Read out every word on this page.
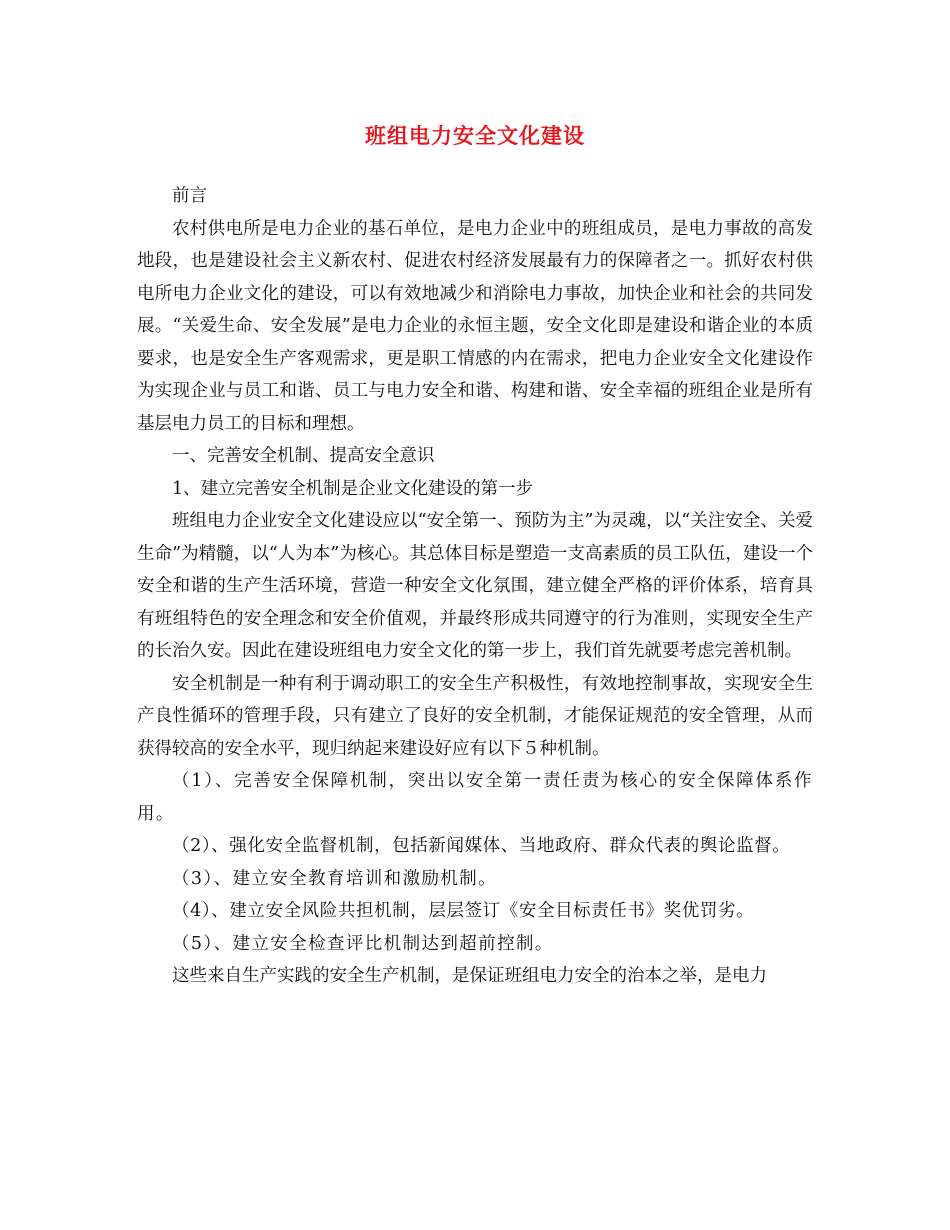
班组电力安全文化建设

前言

农村供电所是电力企业的基石单位，是电力企业中的班组成员，是电力事故的高发地段，也是建设社会主义新农村、促进农村经济发展最有力的保障者之一。抓好农村供电所电力企业文化的建设，可以有效地减少和消除电力事故，加快企业和社会的共同发展。“关爱生命、安全发展”是电力企业的永恒主题，安全文化即是建设和谐企业的本质要求，也是安全生产客观需求，更是职工情感的内在需求，把电力企业安全文化建设作为实现企业与员工和谐、员工与电力安全和谐、构建和谐、安全幸福的班组企业是所有基层电力员工的目标和理想。

一、完善安全机制、提高安全意识

1、建立完善安全机制是企业文化建设的第一步

班组电力企业安全文化建设应以“安全第一、预防为主”为灵魂，以“关注安全、关爱生命”为精髓，以“人为本”为核心。其总体目标是塑造一支高素质的员工队伍，建设一个安全和谐的生产生活环境，营造一种安全文化氛围，建立健全严格的评价体系，培育具有班组特色的安全理念和安全价值观，并最终形成共同遵守的行为准则，实现安全生产的长治久安。因此在建设班组电力安全文化的第一步上，我们首先就要考虑完善机制。

安全机制是一种有利于调动职工的安全生产积极性，有效地控制事故，实现安全生产良性循环的管理手段，只有建立了良好的安全机制，才能保证规范的安全管理，从而获得较高的安全水平，现归纳起来建设好应有以下５种机制。

（1）、完善安全保障机制，突出以安全第一责任责为核心的安全保障体系作用。

（2）、强化安全监督机制，包括新闻媒体、当地政府、群众代表的舆论监督。

（3）、建立安全教育培训和激励机制。

（4）、建立安全风险共担机制，层层签订《安全目标责任书》奖优罚劣。

（5）、建立安全检查评比机制达到超前控制。

这些来自生产实践的安全生产机制，是保证班组电力安全的治本之举，是电力
